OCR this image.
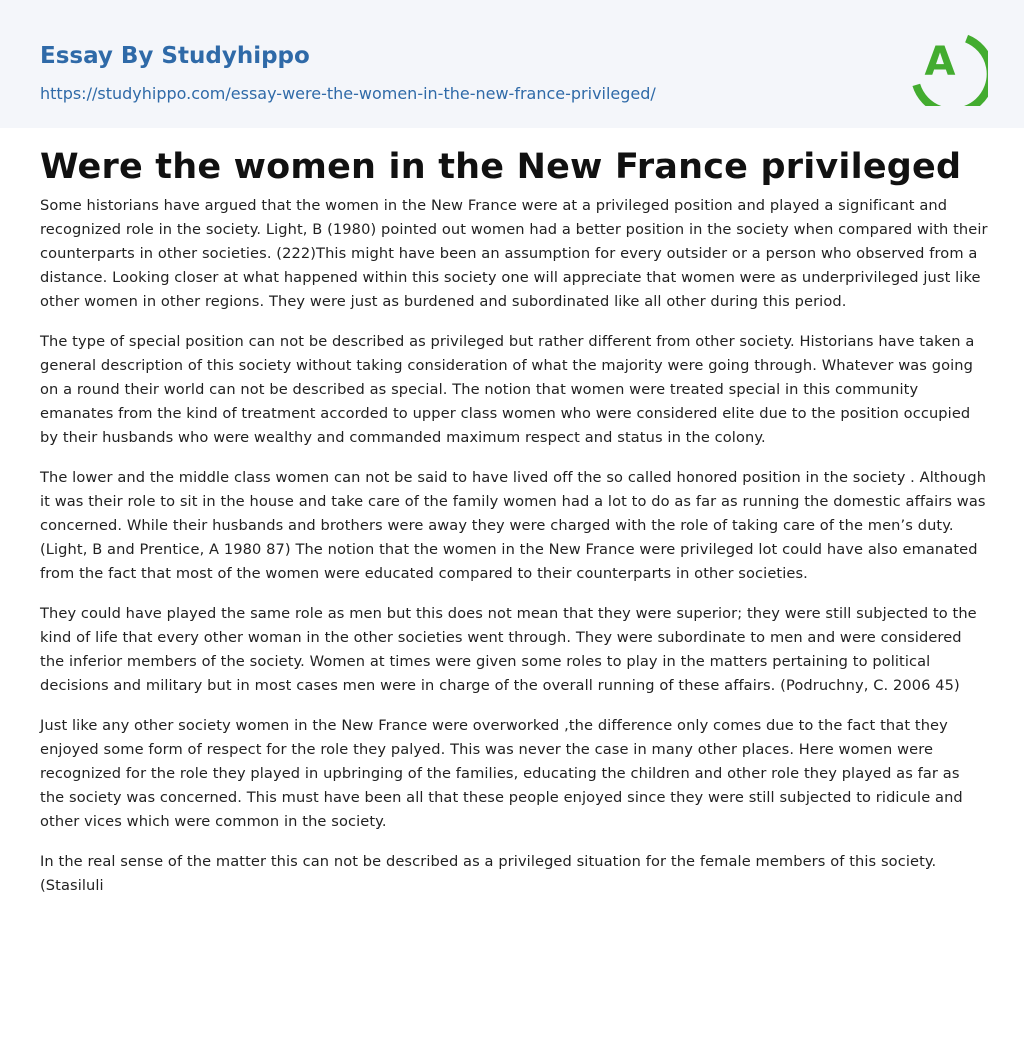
Essay By Studyhippo
https://studyhippo.com/essay-were-the-women-in-the-new-france-privileged/
A
Were the women in the New France privileged

Some historians have argued that the women in the New France were at a privileged position and played a significant and recognized role in the society. Light, B (1980) pointed out women had a better position in the society when compared with their counterparts in other societies. (222)This might have been an assumption for every outsider or a person who observed from a distance. Looking closer at what happened within this society one will appreciate that women were as underprivileged just like other women in other regions. They were just as burdened and subordinated like all other during this period.

The type of special position can not be described as privileged but rather different from other society. Historians have taken a general description of this society without taking consideration of what the majority were going through. Whatever was going on a round their world can not be described as special. The notion that women were treated special in this community emanates from the kind of treatment accorded to upper class women who were considered elite due to the position occupied by their husbands who were wealthy and commanded maximum respect and status in the colony.

The lower and the middle class women can not be said to have lived off the so called honored position in the society . Although it was their role to sit in the house and take care of the family women had a lot to do as far as running the domestic affairs was concerned. While their husbands and brothers were away they were charged with the role of taking care of the men’s duty. (Light, B and Prentice, A 1980 87) The notion that the women in the New France were privileged lot could have also emanated from the fact that most of the women were educated compared to their counterparts in other societies.

They could have played the same role as men but this does not mean that they were superior; they were still subjected to the kind of life that every other woman in the other societies went through. They were subordinate to men and were considered the inferior members of the society. Women at times were given some roles to play in the matters pertaining to political decisions and military but in most cases men were in charge of the overall running of these affairs. (Podruchny, C. 2006 45)

Just like any other society women in the New France were overworked ,the difference only comes due to the fact that they enjoyed some form of respect for the role they palyed. This was never the case in many other places. Here women were recognized for the role they played in upbringing of the families, educating the children and other role they played as far as the society was concerned. This must have been all that these people enjoyed since they were still subjected to ridicule and other vices which were common in the society.

In the real sense of the matter this can not be described as a privileged situation for the female members of this society. (Stasiluli
